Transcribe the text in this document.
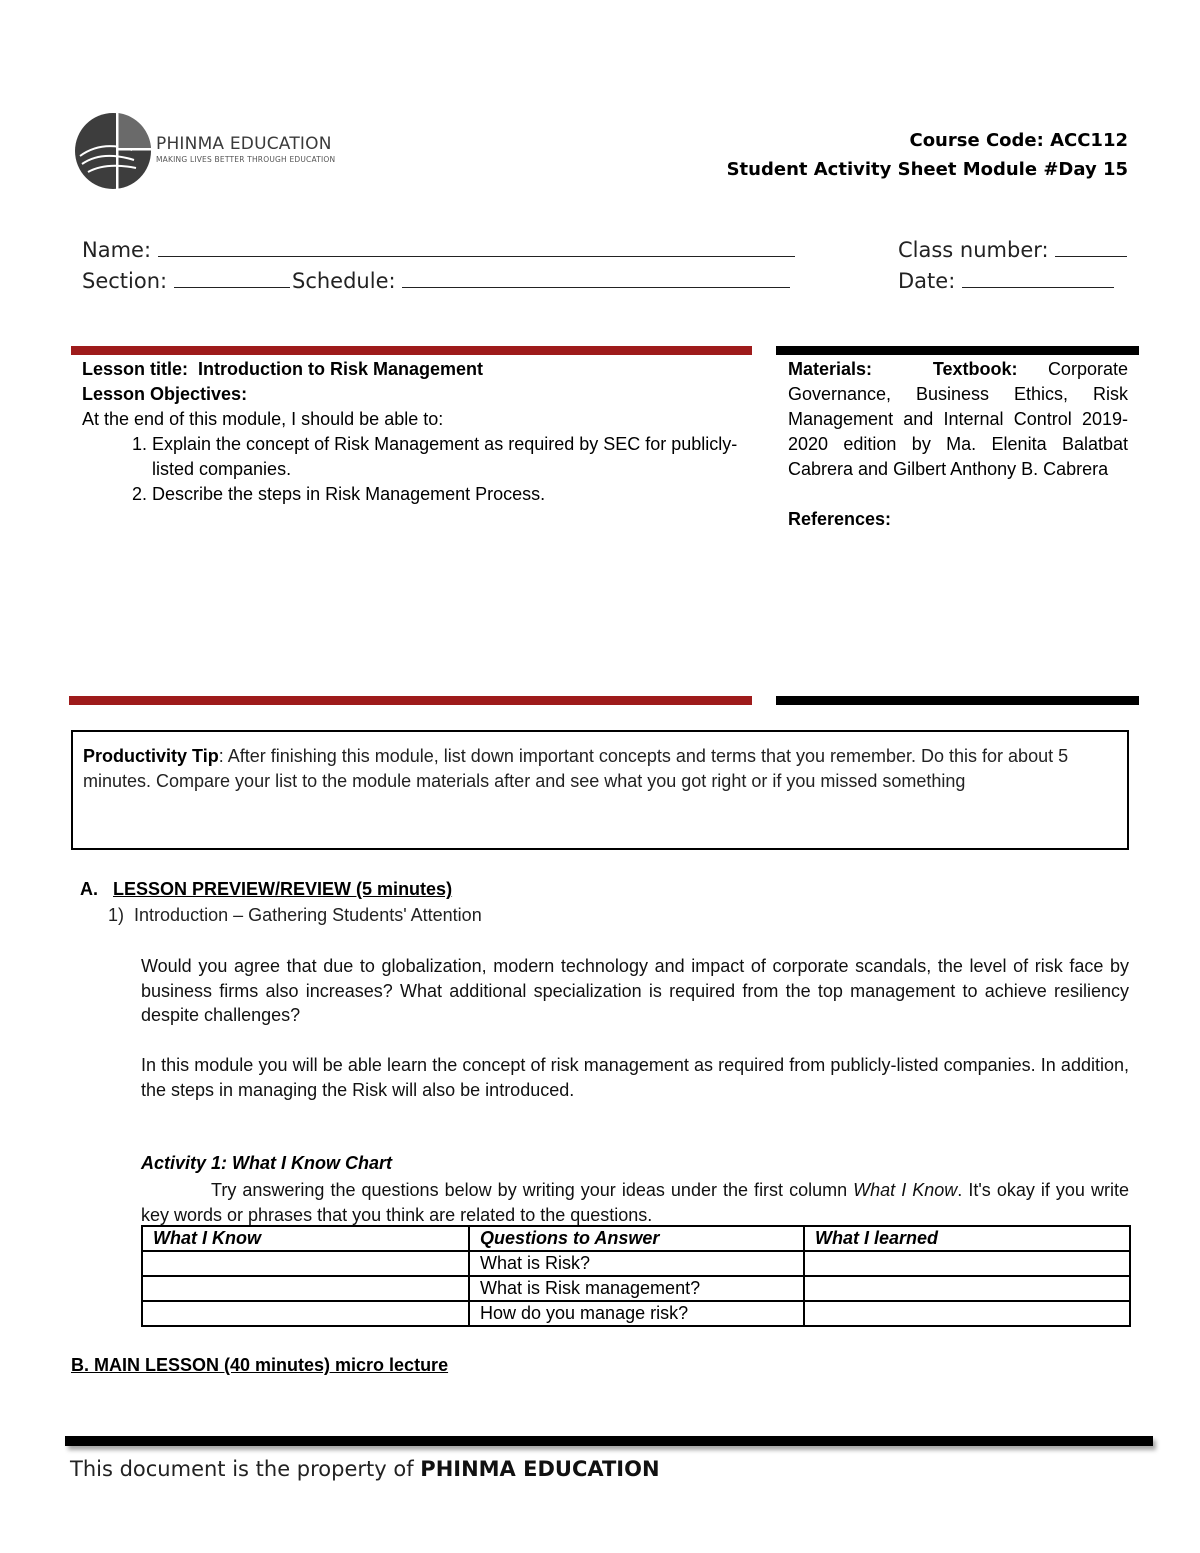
PHINMA EDUCATION
MAKING LIVES BETTER THROUGH EDUCATION
Course Code: ACC112
Student Activity Sheet Module #Day 15
Name:	Class number:
Section:	Schedule:	Date:
Lesson title: Introduction to Risk Management
Lesson Objectives:
At the end of this module, I should be able to:
1. Explain the concept of Risk Management as required by SEC for publicly-listed companies.
2. Describe the steps in Risk Management Process.
Materials:	Textbook: Corporate Governance, Business Ethics, Risk Management and Internal Control 2019-2020 edition by Ma. Elenita Balatbat Cabrera and Gilbert Anthony B. Cabrera
References:
Productivity Tip: After finishing this module, list down important concepts and terms that you remember. Do this for about 5 minutes. Compare your list to the module materials after and see what you got right or if you missed something
A. LESSON PREVIEW/REVIEW (5 minutes)
1) Introduction – Gathering Students' Attention
Would you agree that due to globalization, modern technology and impact of corporate scandals, the level of risk face by business firms also increases? What additional specialization is required from the top management to achieve resiliency despite challenges?
In this module you will be able learn the concept of risk management as required from publicly-listed companies. In addition, the steps in managing the Risk will also be introduced.
Activity 1: What I Know Chart
Try answering the questions below by writing your ideas under the first column What I Know. It's okay if you write key words or phrases that you think are related to the questions.
What I Know	Questions to Answer	What I learned
	What is Risk?	
	What is Risk management?	
	How do you manage risk?	
B. MAIN LESSON (40 minutes) micro lecture
This document is the property of PHINMA EDUCATION
